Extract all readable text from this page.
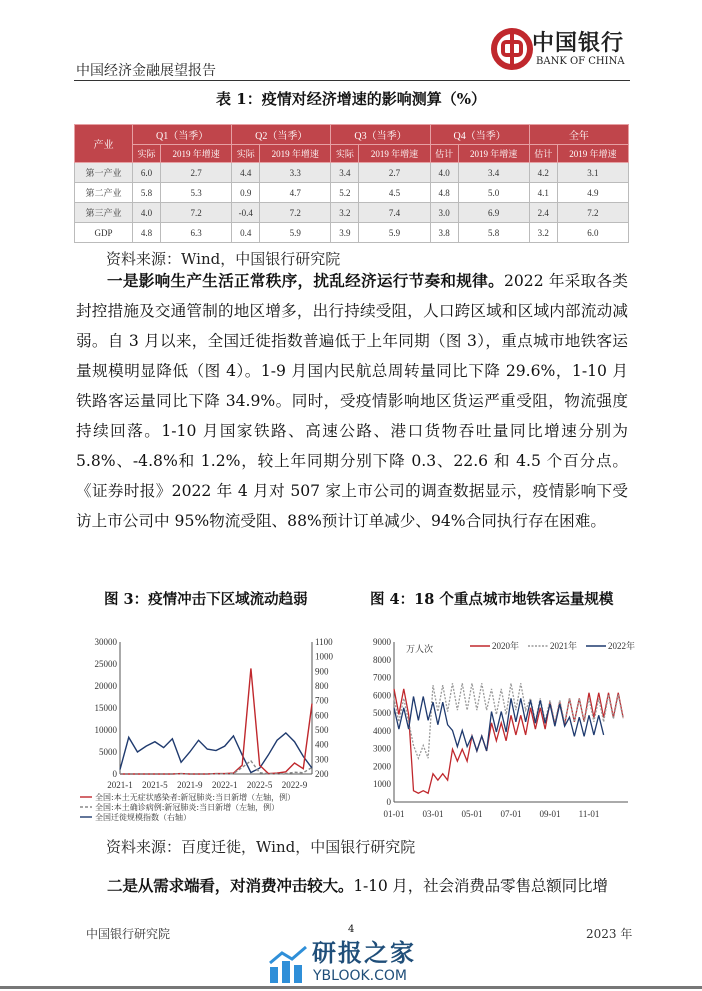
中国经济金融展望报告
中国银行
BANK OF CHINA
表 1：疫情对经济增速的影响测算（%）
产业	Q1（当季）		Q2（当季）		Q3（当季）		Q4（当季）		全年	
	实际	2019 年增速	实际	2019 年增速	实际	2019 年增速	估计	2019 年增速	估计	2019 年增速
第一产业	6.0	2.7	4.4	3.3	3.4	2.7	4.0	3.4	4.2	3.1
第二产业	5.8	5.3	0.9	4.7	5.2	4.5	4.8	5.0	4.1	4.9
第三产业	4.0	7.2	-0.4	7.2	3.2	7.4	3.0	6.9	2.4	7.2
GDP	4.8	6.3	0.4	5.9	3.9	5.9	3.8	5.8	3.2	6.0
资料来源：Wind，中国银行研究院
一是影响生产生活正常秩序，扰乱经济运行节奏和规律。2022 年采取各类封控措施及交通管制的地区增多，出行持续受阻，人口跨区域和区域内部流动减弱。自 3 月以来，全国迁徙指数普遍低于上年同期（图 3），重点城市地铁客运量规模明显降低（图 4）。1-9 月国内民航总周转量同比下降 29.6%，1-10 月铁路客运量同比下降 34.9%。同时，受疫情影响地区货运严重受阻，物流强度持续回落。1-10 月国家铁路、高速公路、港口货物吞吐量同比增速分别为 5.8%、-4.8%和 1.2%，较上年同期分别下降 0.3、22.6 和 4.5 个百分点。《证券时报》2022 年 4 月对 507 家上市公司的调查数据显示，疫情影响下受访上市公司中 95%物流受阻、88%预计订单减少、94%合同执行存在困难。
图 3：疫情冲击下区域流动趋弱	图 4：18 个重点城市地铁客运量规模
0
5000
10000
15000
20000
25000
30000
200
300
400
500
600
700
800
900
1000
1100
2021-1 2021-5 2021-9 2022-1 2022-5 2022-9
全国:本土无症状感染者:新冠肺炎:当日新增（左轴，例）
全国:本土确诊病例:新冠肺炎:当日新增（左轴，例）
全国迁徙规模指数（右轴）
0
1000
2000
3000
4000
5000
6000
7000
8000
9000
01-01 03-01 05-01 07-01 09-01 11-01
万人次	2020年	2021年	2022年
资料来源：百度迁徙，Wind，中国银行研究院
二是从需求端看，对消费冲击较大。1-10 月，社会消费品零售总额同比增
中国银行研究院	4	2023 年
研报之家
YBLOOK.COM
